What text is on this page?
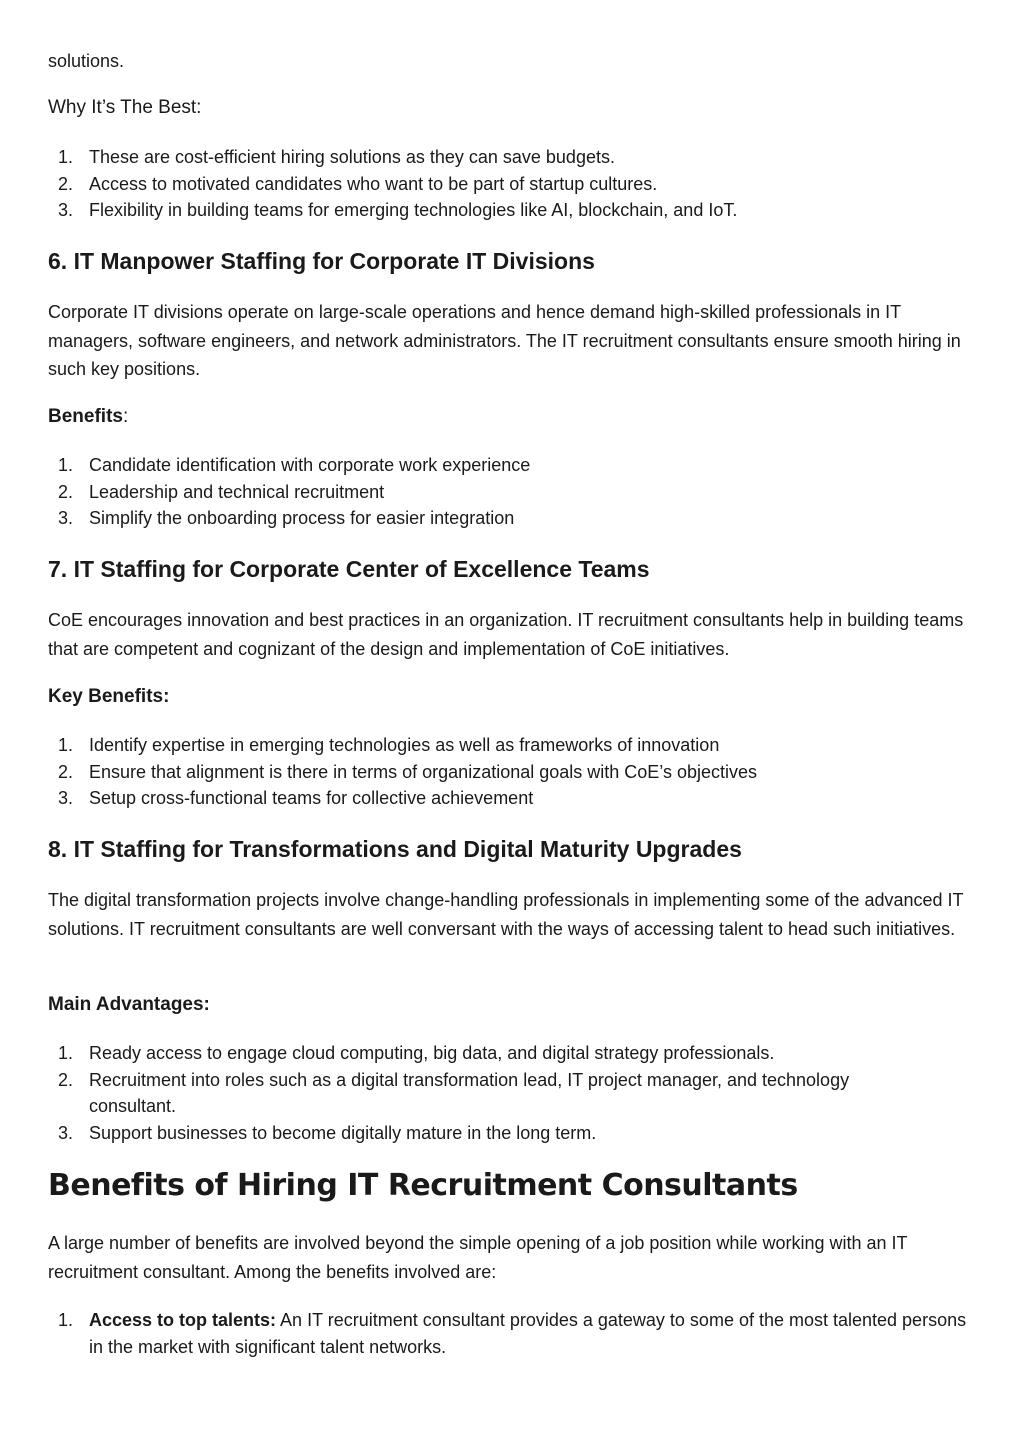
solutions.

Why It’s The Best:

1. These are cost-efficient hiring solutions as they can save budgets.
2. Access to motivated candidates who want to be part of startup cultures.
3. Flexibility in building teams for emerging technologies like AI, blockchain, and IoT.
6. IT Manpower Staffing for Corporate IT Divisions

Corporate IT divisions operate on large-scale operations and hence demand high-skilled professionals in IT managers, software engineers, and network administrators. The IT recruitment consultants ensure smooth hiring in such key positions.

Benefits:

1. Candidate identification with corporate work experience
2. Leadership and technical recruitment
3. Simplify the onboarding process for easier integration
7. IT Staffing for Corporate Center of Excellence Teams

CoE encourages innovation and best practices in an organization. IT recruitment consultants help in building teams that are competent and cognizant of the design and implementation of CoE initiatives.

Key Benefits:

1. Identify expertise in emerging technologies as well as frameworks of innovation
2. Ensure that alignment is there in terms of organizational goals with CoE’s objectives
3. Setup cross-functional teams for collective achievement
8. IT Staffing for Transformations and Digital Maturity Upgrades

The digital transformation projects involve change-handling professionals in implementing some of the advanced IT solutions. IT recruitment consultants are well conversant with the ways of accessing talent to head such initiatives.

Main Advantages:

1. Ready access to engage cloud computing, big data, and digital strategy professionals.
2. Recruitment into roles such as a digital transformation lead, IT project manager, and technology consultant.
3. Support businesses to become digitally mature in the long term.
Benefits of Hiring IT Recruitment Consultants

A large number of benefits are involved beyond the simple opening of a job position while working with an IT recruitment consultant. Among the benefits involved are:

1. Access to top talents: An IT recruitment consultant provides a gateway to some of the most talented persons in the market with significant talent networks.
